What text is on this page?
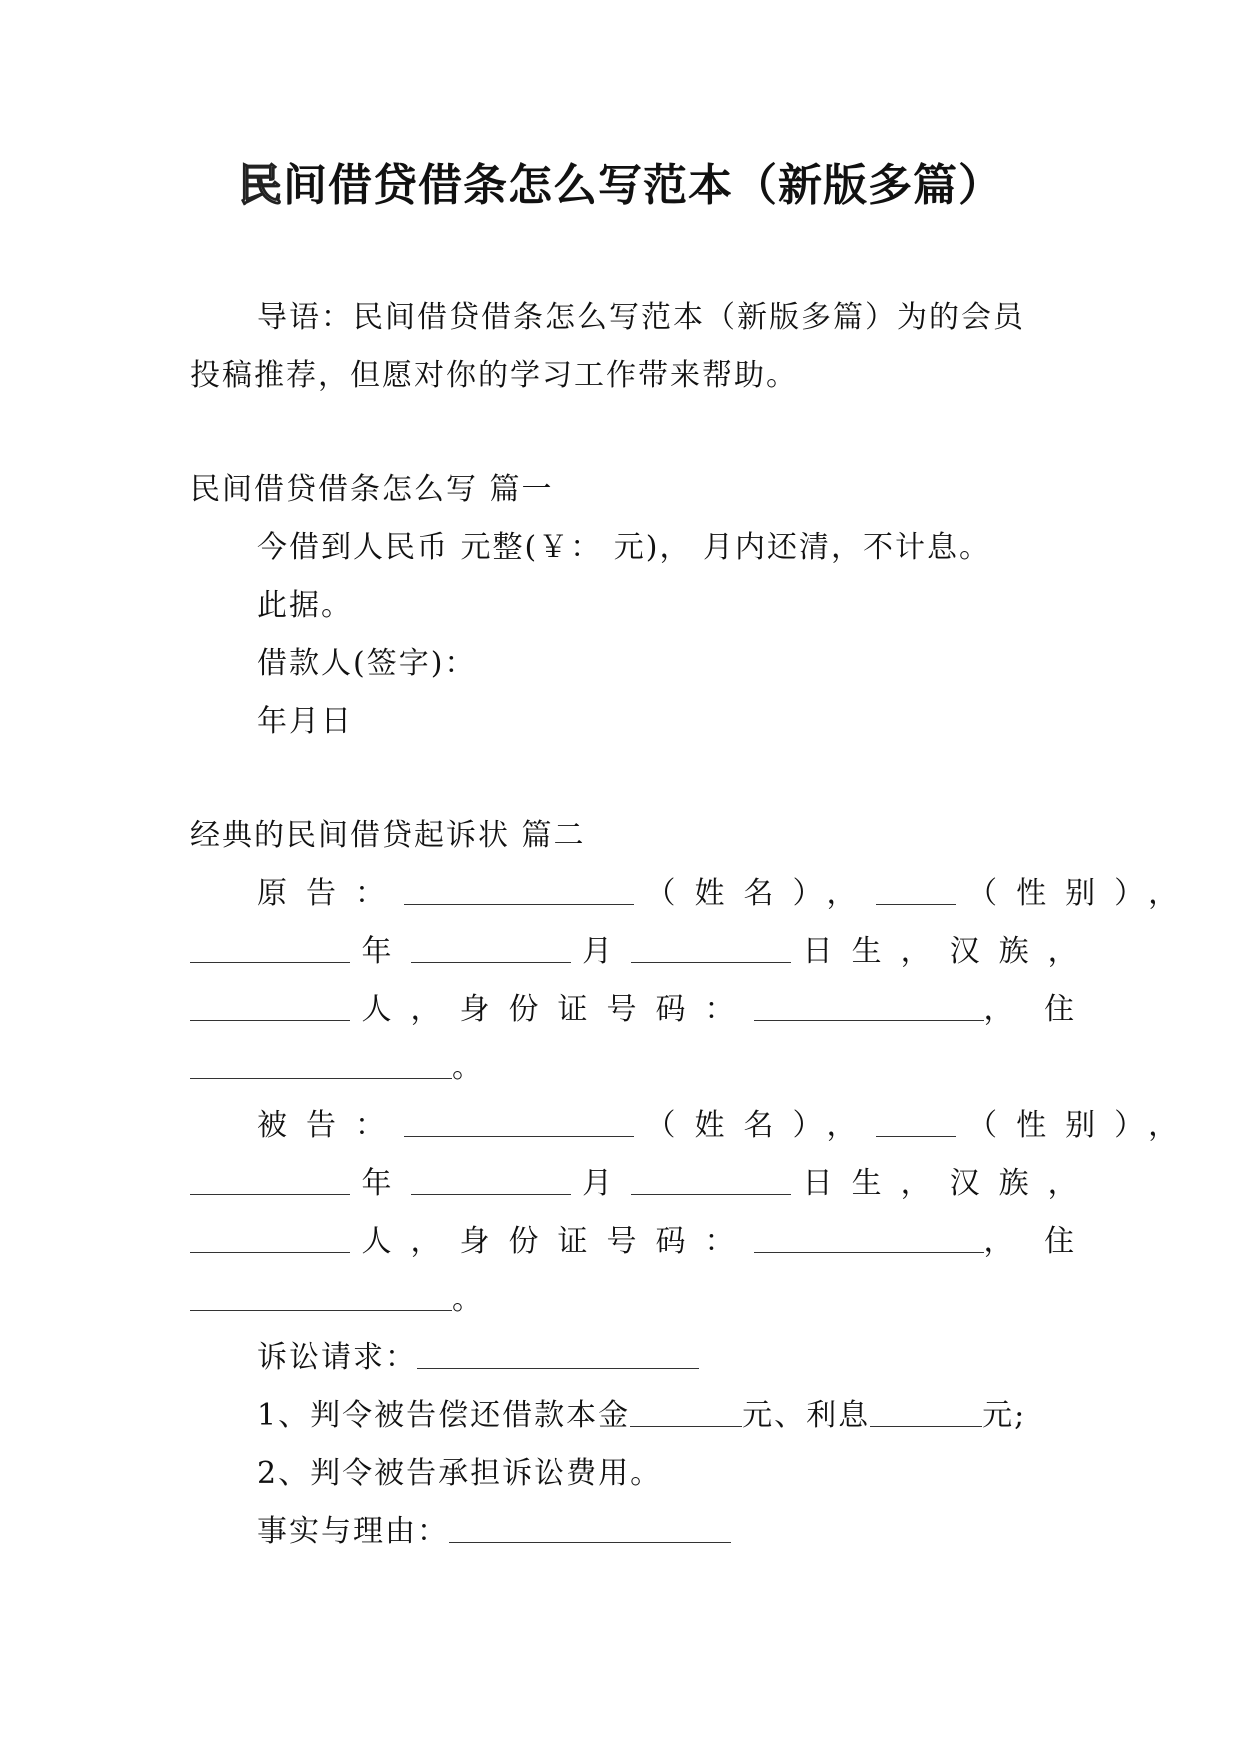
民间借贷借条怎么写范本（新版多篇）
导语：民间借贷借条怎么写范本（新版多篇）为的会员
投稿推荐，但愿对你的学习工作带来帮助。
民间借贷借条怎么写 篇一
今借到人民币 元整(￥： 元)， 月内还清，不计息。
此据。
借款人(签字)：
年月日
经典的民间借贷起诉状 篇二
原告：	（姓名），	（性别），
年	月	日生，汉族，
人，身份证号码：	， 住
。
被告：	（姓名），	（性别），
年	月	日生，汉族，
人，身份证号码：	， 住
。
诉讼请求：
1、判令被告偿还借款本金	元、利息	元;
2、判令被告承担诉讼费用。
事实与理由：
